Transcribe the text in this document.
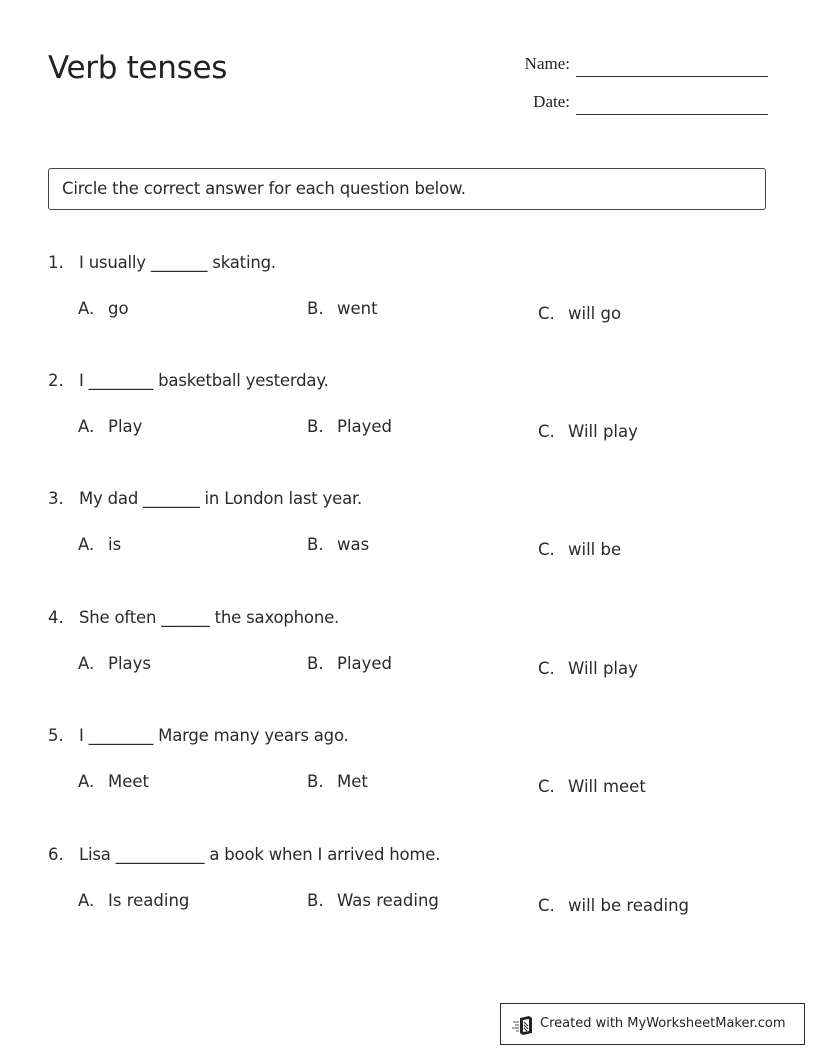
Verb tenses	Name:
Date:
Circle the correct answer for each question below.
1. I usually _______ skating.
A. go	B. went	C. will go
2. I ________ basketball yesterday.
A. Play	B. Played	C. Will play
3. My dad _______ in London last year.
A. is	B. was	C. will be
4. She often ______ the saxophone.
A. Plays	B. Played	C. Will play
5. I ________ Marge many years ago.
A. Meet	B. Met	C. Will meet
6. Lisa ___________ a book when I arrived home.
A. Is reading	B. Was reading	C. will be reading
Created with MyWorksheetMaker.com
